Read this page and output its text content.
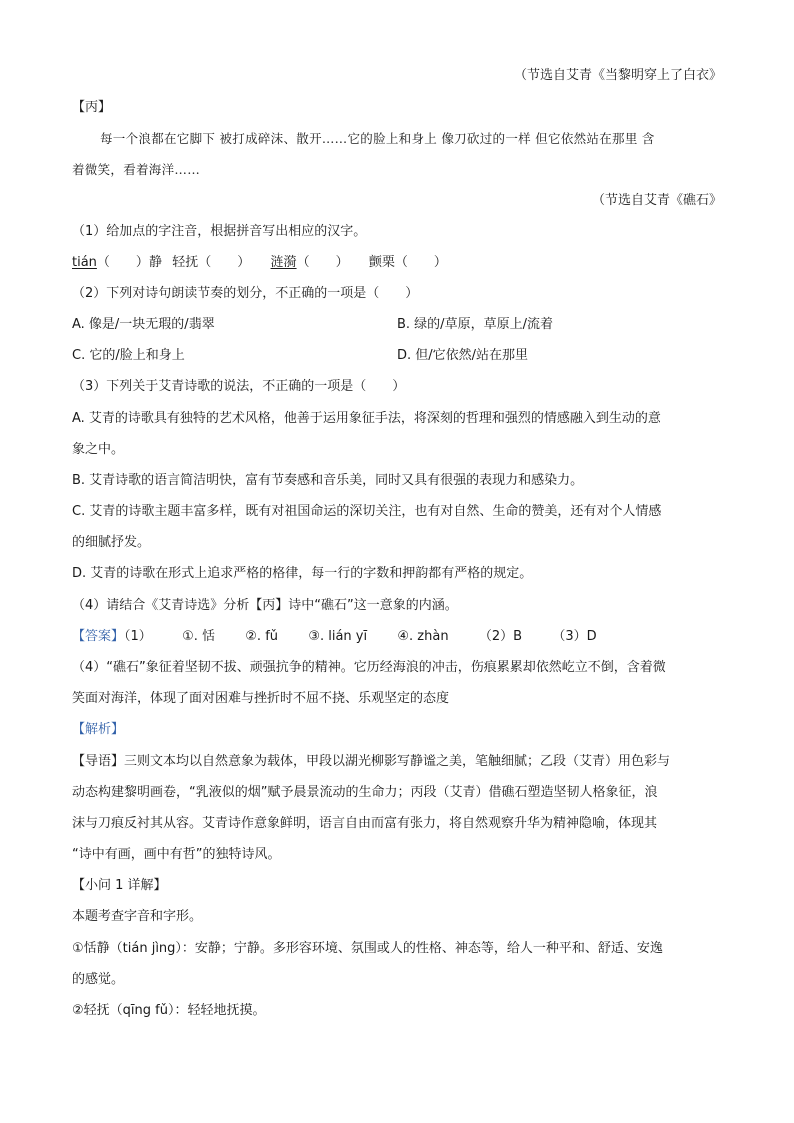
（节选自艾青《当黎明穿上了白衣》
【丙】
每一个浪都在它脚下 被打成碎沫、散开……它的脸上和身上 像刀砍过的一样 但它依然站在那里 含
着微笑，看着海洋……
（节选自艾青《礁石》
（1）给加点的字注音，根据拼音写出相应的汉字。
tián（　　）静 轻抚（　　） 涟漪（　　） 颤栗（　　）
（2）下列对诗句朗读节奏的划分，不正确的一项是（　　）
A. 像是/一块无瑕的/翡翠	B. 绿的/草原，草原上/流着
C. 它的/脸上和身上	D. 但/它依然/站在那里
（3）下列关于艾青诗歌的说法，不正确的一项是（　　）
A. 艾青的诗歌具有独特的艺术风格，他善于运用象征手法，将深刻的哲理和强烈的情感融入到生动的意
象之中。
B. 艾青诗歌的语言简洁明快，富有节奏感和音乐美，同时又具有很强的表现力和感染力。
C. 艾青的诗歌主题丰富多样，既有对祖国命运的深切关注，也有对自然、生命的赞美，还有对个人情感
的细腻抒发。
D. 艾青的诗歌在形式上追求严格的格律，每一行的字数和押韵都有严格的规定。
（4）请结合《艾青诗选》分析【丙】诗中“礁石”这一意象的内涵。
【答案】（1） ①. 恬 ②. fǔ ③. lián yī ④. zhàn （2）B （3）D
（4）“礁石”象征着坚韧不拔、顽强抗争的精神。它历经海浪的冲击，伤痕累累却依然屹立不倒，含着微
笑面对海洋，体现了面对困难与挫折时不屈不挠、乐观坚定的态度
【解析】
【导语】三则文本均以自然意象为载体，甲段以湖光柳影写静谧之美，笔触细腻；乙段（艾青）用色彩与
动态构建黎明画卷，“乳液似的烟”赋予晨景流动的生命力；丙段（艾青）借礁石塑造坚韧人格象征，浪
沫与刀痕反衬其从容。艾青诗作意象鲜明，语言自由而富有张力，将自然观察升华为精神隐喻，体现其
“诗中有画，画中有哲”的独特诗风。
【小问 1 详解】
本题考查字音和字形。
①恬静（tián jìng）：安静；宁静。多形容环境、氛围或人的性格、神态等，给人一种平和、舒适、安逸
的感觉。
②轻抚（qīng fǔ）：轻轻地抚摸。
